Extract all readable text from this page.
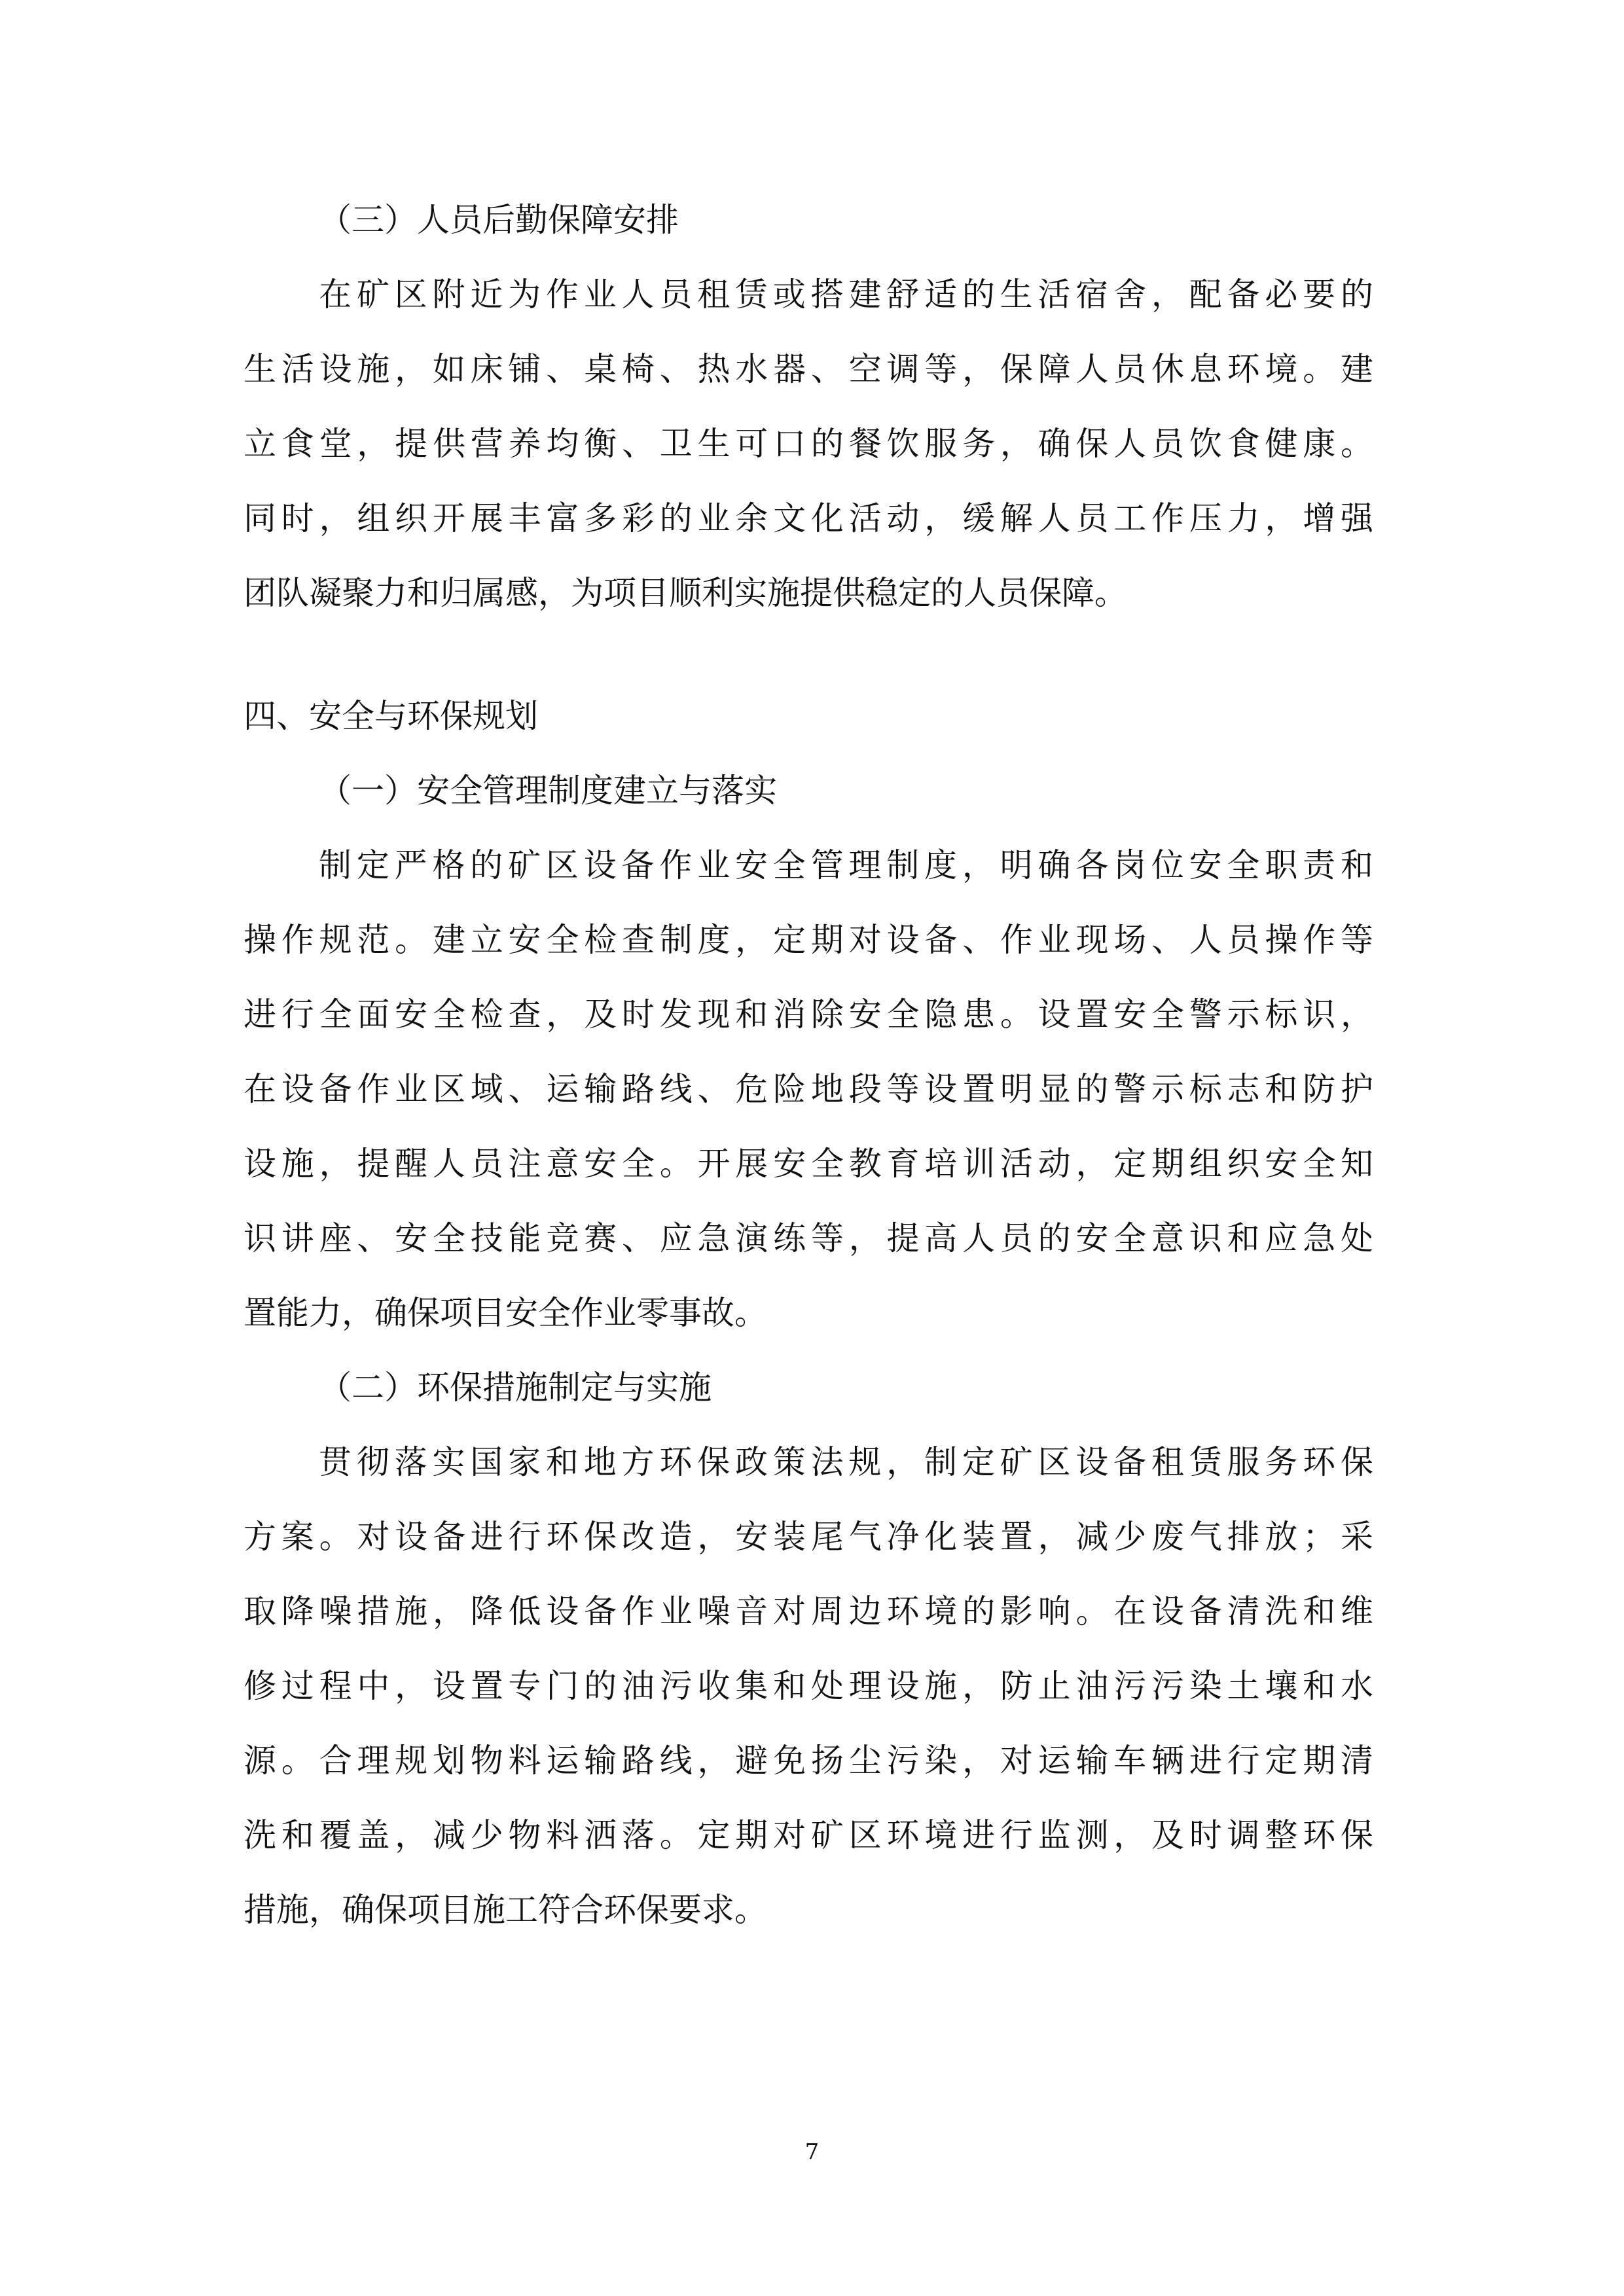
（三）人员后勤保障安排
在矿区附近为作业人员租赁或搭建舒适的生活宿舍，配备必要的
生活设施，如床铺、桌椅、热水器、空调等，保障人员休息环境。建
立食堂，提供营养均衡、卫生可口的餐饮服务，确保人员饮食健康。
同时，组织开展丰富多彩的业余文化活动，缓解人员工作压力，增强
团队凝聚力和归属感，为项目顺利实施提供稳定的人员保障。
四、安全与环保规划
（一）安全管理制度建立与落实
制定严格的矿区设备作业安全管理制度，明确各岗位安全职责和
操作规范。建立安全检查制度，定期对设备、作业现场、人员操作等
进行全面安全检查，及时发现和消除安全隐患。设置安全警示标识，
在设备作业区域、运输路线、危险地段等设置明显的警示标志和防护
设施，提醒人员注意安全。开展安全教育培训活动，定期组织安全知
识讲座、安全技能竞赛、应急演练等，提高人员的安全意识和应急处
置能力，确保项目安全作业零事故。
（二）环保措施制定与实施
贯彻落实国家和地方环保政策法规，制定矿区设备租赁服务环保
方案。对设备进行环保改造，安装尾气净化装置，减少废气排放；采
取降噪措施，降低设备作业噪音对周边环境的影响。在设备清洗和维
修过程中，设置专门的油污收集和处理设施，防止油污污染土壤和水
源。合理规划物料运输路线，避免扬尘污染，对运输车辆进行定期清
洗和覆盖，减少物料洒落。定期对矿区环境进行监测，及时调整环保
措施，确保项目施工符合环保要求。
7
